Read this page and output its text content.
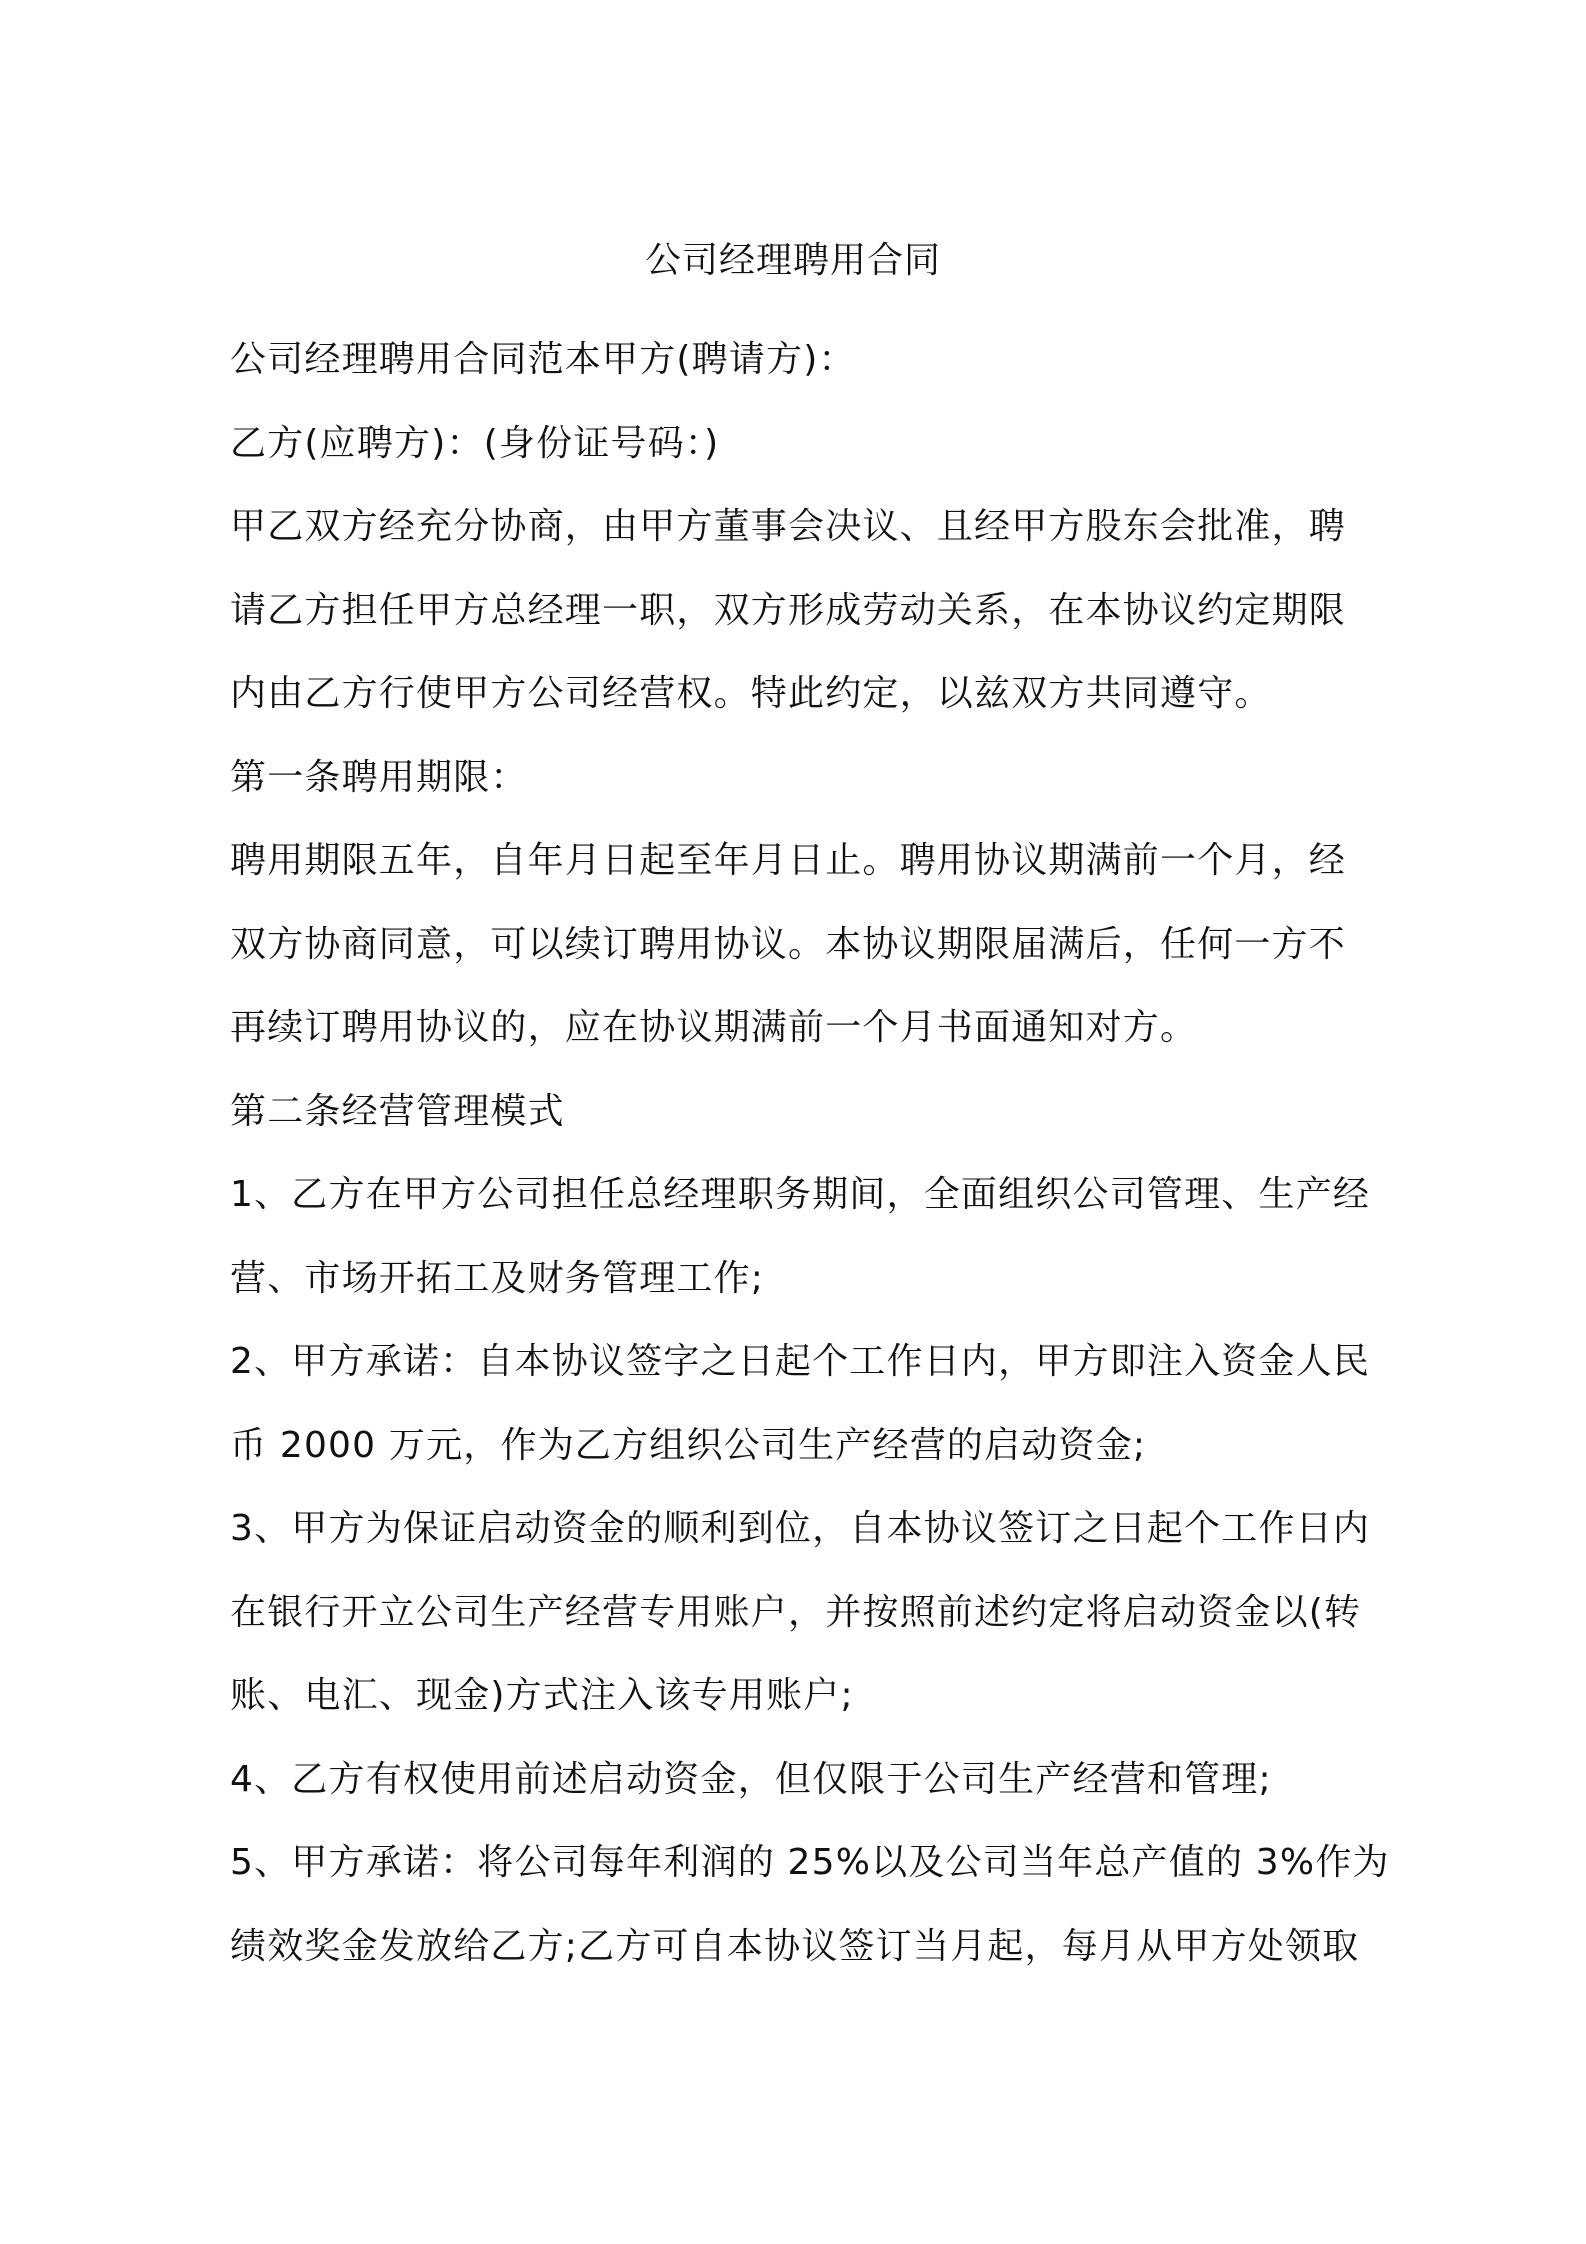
公司经理聘用合同
公司经理聘用合同范本甲方(聘请方)：
乙方(应聘方)：(身份证号码：)
甲乙双方经充分协商，由甲方董事会决议、且经甲方股东会批准，聘
请乙方担任甲方总经理一职，双方形成劳动关系，在本协议约定期限
内由乙方行使甲方公司经营权。特此约定，以兹双方共同遵守。
第一条聘用期限：
聘用期限五年，自年月日起至年月日止。聘用协议期满前一个月，经
双方协商同意，可以续订聘用协议。本协议期限届满后，任何一方不
再续订聘用协议的，应在协议期满前一个月书面通知对方。
第二条经营管理模式
1、乙方在甲方公司担任总经理职务期间，全面组织公司管理、生产经
营、市场开拓工及财务管理工作;
2、甲方承诺：自本协议签字之日起个工作日内，甲方即注入资金人民
币 2000 万元，作为乙方组织公司生产经营的启动资金;
3、甲方为保证启动资金的顺利到位，自本协议签订之日起个工作日内
在银行开立公司生产经营专用账户，并按照前述约定将启动资金以(转
账、电汇、现金)方式注入该专用账户;
4、乙方有权使用前述启动资金，但仅限于公司生产经营和管理;
5、甲方承诺：将公司每年利润的 25%以及公司当年总产值的 3%作为
绩效奖金发放给乙方;乙方可自本协议签订当月起，每月从甲方处领取
